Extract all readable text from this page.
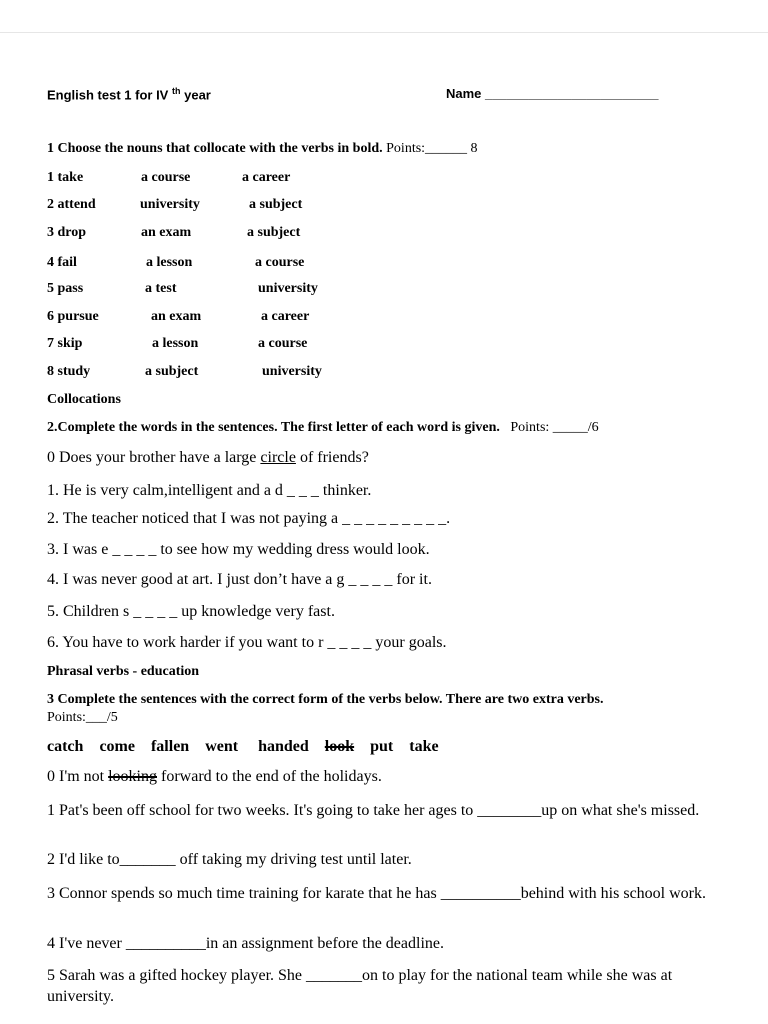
English test 1 for IV $^{th}$ year	Name ________________________
1 Choose the nouns that collocate with the verbs in bold. Points:______ 8
1 take	a course	a career
2 attend	university	a subject
3 drop	an exam	a subject
4 fail	a lesson	a course
5 pass	a test	university
6 pursue	an exam	a career
7 skip	a lesson	a course
8 study	a subject	university
Collocations
2.Complete the words in the sentences. The first letter of each word is given. Points: _____/6
0 Does your brother have a large circle of friends?
1. He is very calm,intelligent and a d _ _ _ thinker.
2. The teacher noticed that I was not paying a _ _ _ _ _ _ _ _ _.
3. I was e _ _ _ _ to see how my wedding dress would look.
4. I was never good at art. I just don’t have a g _ _ _ _ for it.
5. Children s _ _ _ _ up knowledge very fast.
6. You have to work harder if you want to r _ _ _ _ your goals.
Phrasal verbs - education
3 Complete the sentences with the correct form of the verbs below. There are two extra verbs.
Points:___/5
catch come fallen went handed look put take
0 I'm not looking forward to the end of the holidays.
1 Pat's been off school for two weeks. It's going to take her ages to ________up on what she's missed.
2 I'd like to_______ off taking my driving test until later.
3 Connor spends so much time training for karate that he has __________behind with his school work.
4 I've never __________in an assignment before the deadline.
5 Sarah was a gifted hockey player. She _______on to play for the national team while she was at university.
